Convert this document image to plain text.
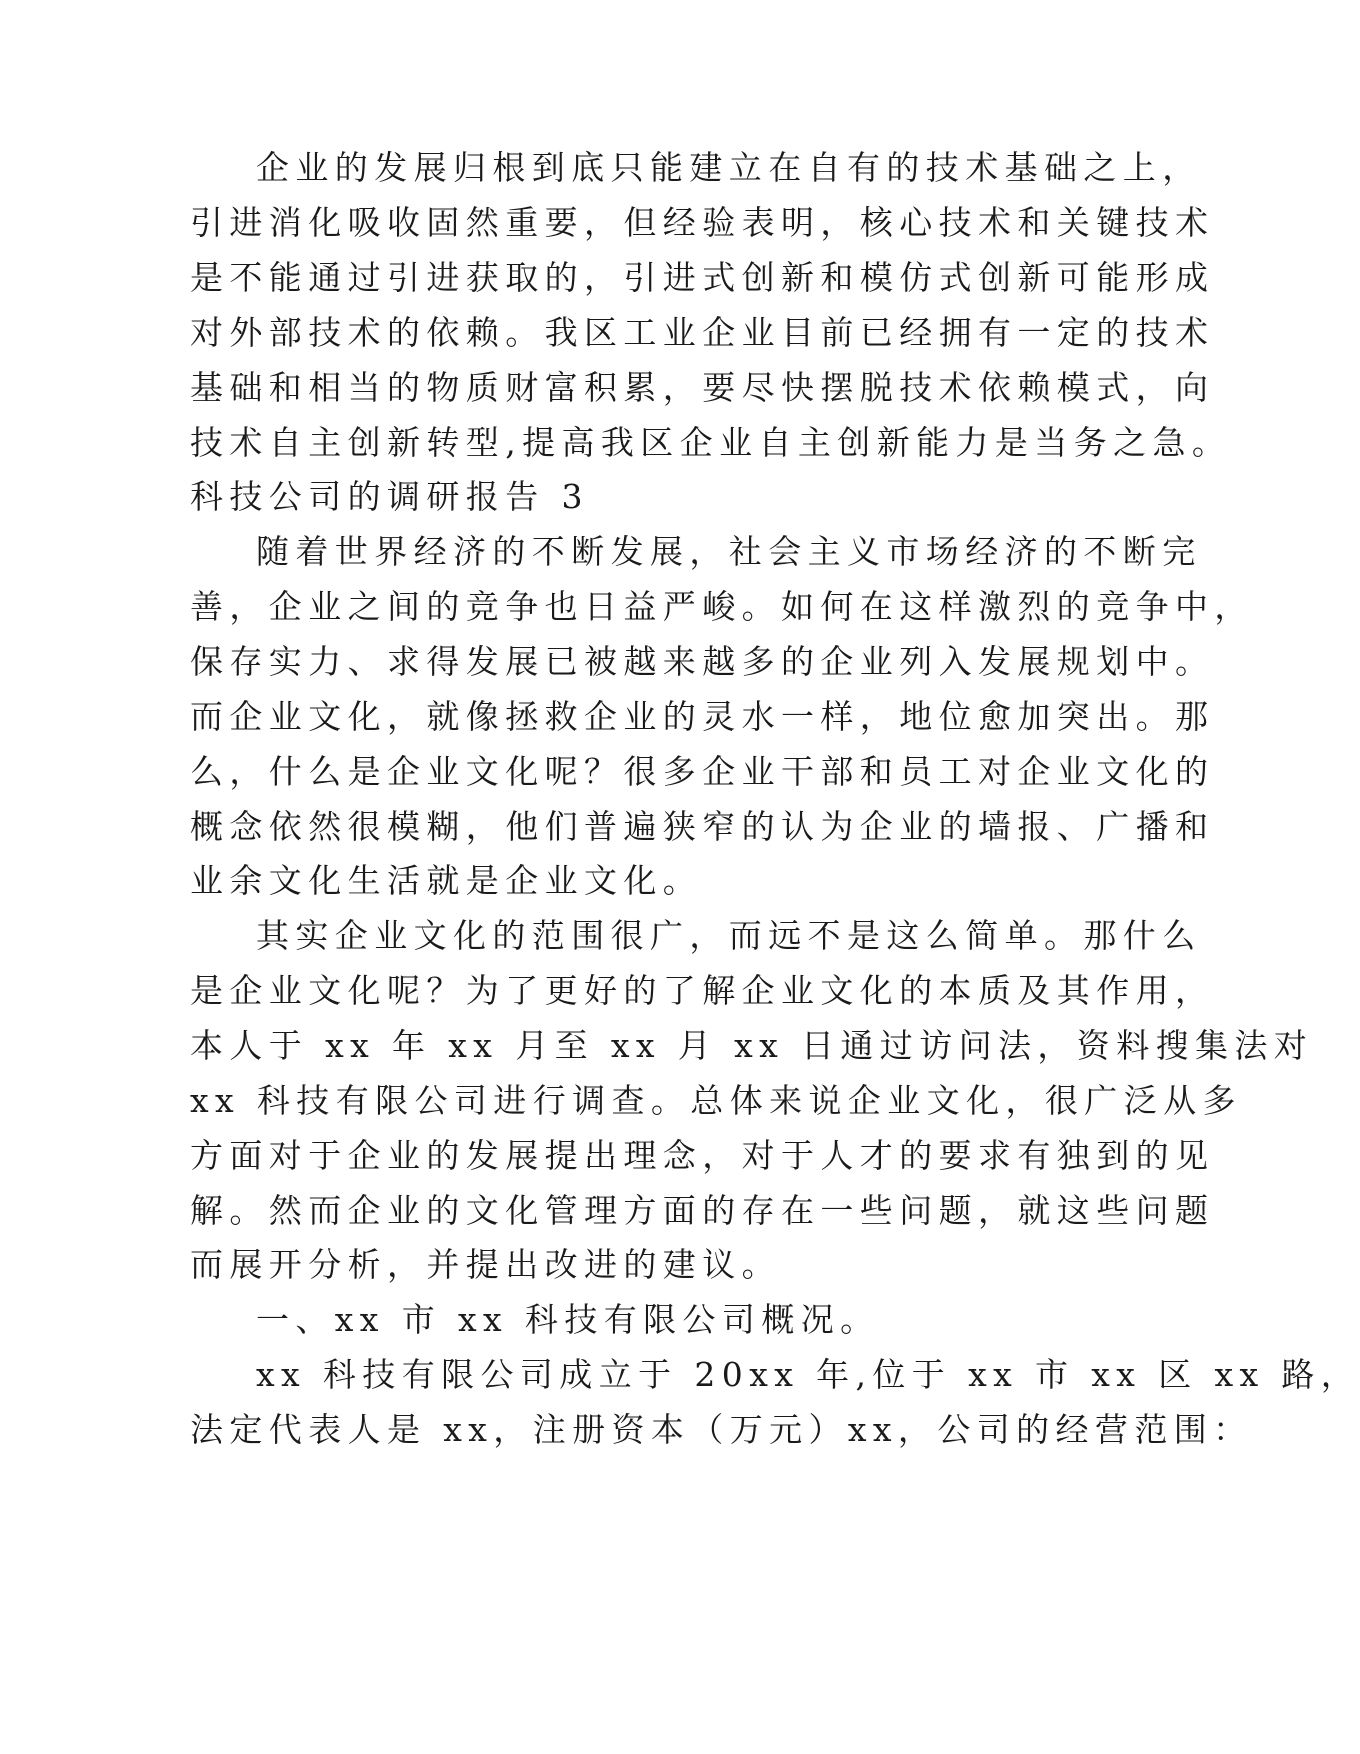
企业的发展归根到底只能建立在自有的技术基础之上，
引进消化吸收固然重要，但经验表明，核心技术和关键技术
是不能通过引进获取的，引进式创新和模仿式创新可能形成
对外部技术的依赖。我区工业企业目前已经拥有一定的技术
基础和相当的物质财富积累，要尽快摆脱技术依赖模式，向
技术自主创新转型,提高我区企业自主创新能力是当务之急。
科技公司的调研报告 3
随着世界经济的不断发展，社会主义市场经济的不断完
善，企业之间的竞争也日益严峻。如何在这样激烈的竞争中，
保存实力、求得发展已被越来越多的企业列入发展规划中。
而企业文化，就像拯救企业的灵水一样，地位愈加突出。那
么，什么是企业文化呢？很多企业干部和员工对企业文化的
概念依然很模糊，他们普遍狭窄的认为企业的墙报、广播和
业余文化生活就是企业文化。
其实企业文化的范围很广，而远不是这么简单。那什么
是企业文化呢？为了更好的了解企业文化的本质及其作用，
本人于 xx 年 xx 月至 xx 月 xx 日通过访问法，资料搜集法对
xx 科技有限公司进行调查。总体来说企业文化，很广泛从多
方面对于企业的发展提出理念，对于人才的要求有独到的见
解。然而企业的文化管理方面的存在一些问题，就这些问题
而展开分析，并提出改进的建议。
一、xx 市 xx 科技有限公司概况。
xx 科技有限公司成立于 20xx 年,位于 xx 市 xx 区 xx 路，
法定代表人是 xx，注册资本（万元）xx，公司的经营范围：
